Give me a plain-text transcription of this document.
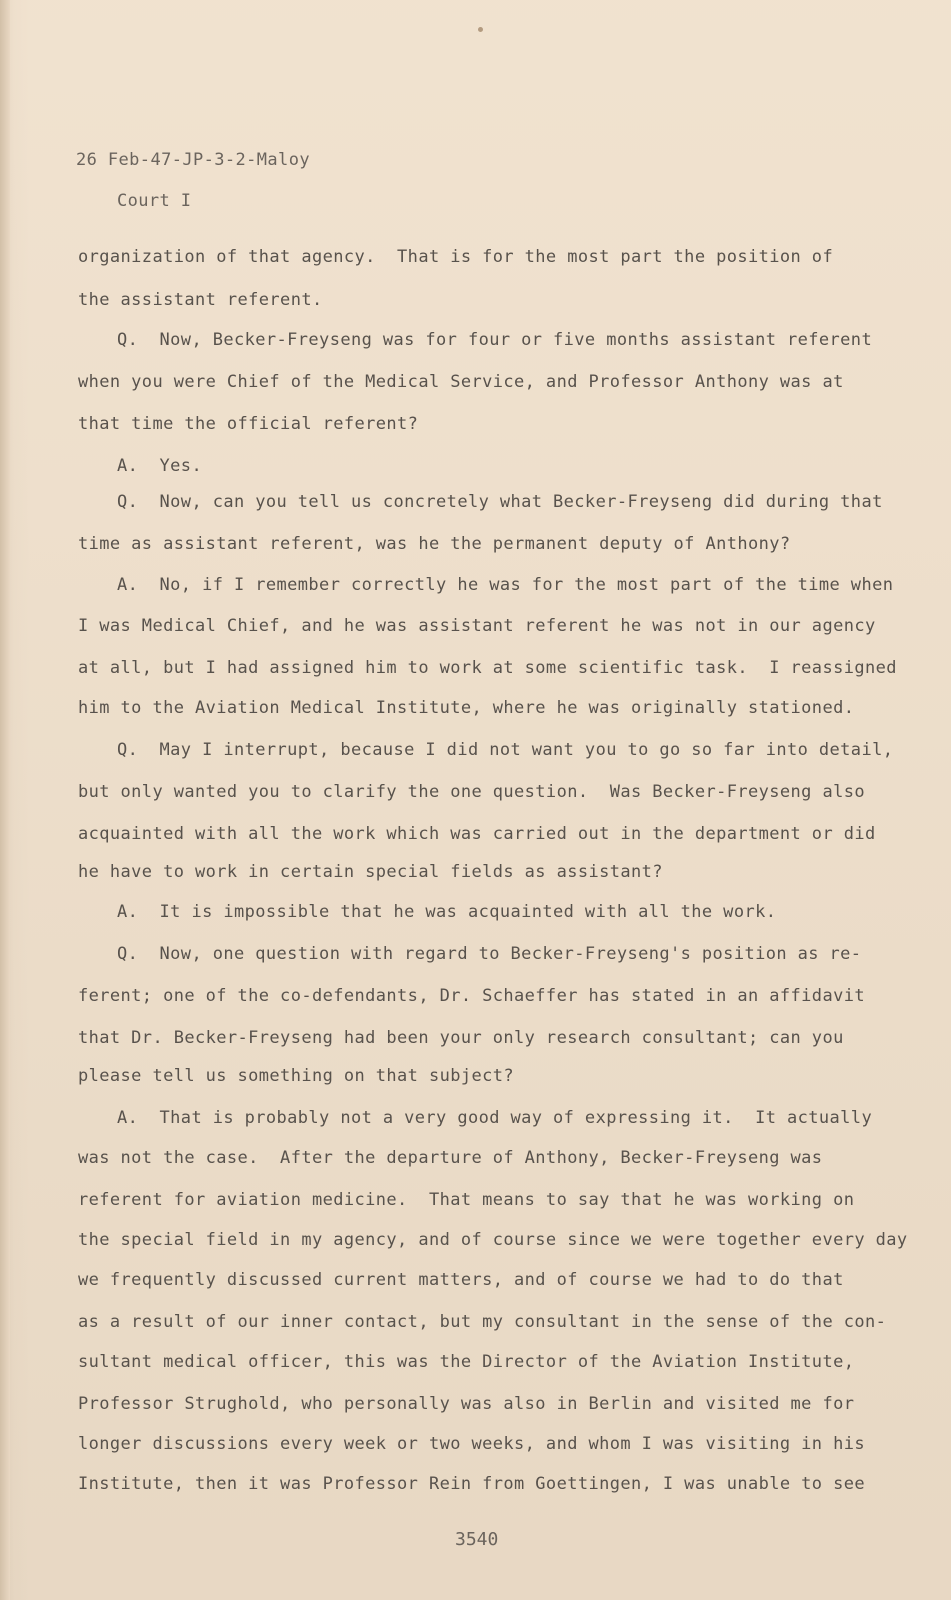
26 Feb-47-JP-3-2-Maloy
Court I
organization of that agency.  That is for the most part the position of
the assistant referent.
Q.  Now, Becker-Freyseng was for four or five months assistant referent
when you were Chief of the Medical Service, and Professor Anthony was at
that time the official referent?
A.  Yes.
Q.  Now, can you tell us concretely what Becker-Freyseng did during that
time as assistant referent, was he the permanent deputy of Anthony?
A.  No, if I remember correctly he was for the most part of the time when
I was Medical Chief, and he was assistant referent he was not in our agency
at all, but I had assigned him to work at some scientific task.  I reassigned
him to the Aviation Medical Institute, where he was originally stationed.
Q.  May I interrupt, because I did not want you to go so far into detail,
but only wanted you to clarify the one question.  Was Becker-Freyseng also
acquainted with all the work which was carried out in the department or did
he have to work in certain special fields as assistant?
A.  It is impossible that he was acquainted with all the work.
Q.  Now, one question with regard to Becker-Freyseng's position as re-
ferent; one of the co-defendants, Dr. Schaeffer has stated in an affidavit
that Dr. Becker-Freyseng had been your only research consultant; can you
please tell us something on that subject?
A.  That is probably not a very good way of expressing it.  It actually
was not the case.  After the departure of Anthony, Becker-Freyseng was
referent for aviation medicine.  That means to say that he was working on
the special field in my agency, and of course since we were together every day
we frequently discussed current matters, and of course we had to do that
as a result of our inner contact, but my consultant in the sense of the con-
sultant medical officer, this was the Director of the Aviation Institute,
Professor Strughold, who personally was also in Berlin and visited me for
longer discussions every week or two weeks, and whom I was visiting in his
Institute, then it was Professor Rein from Goettingen, I was unable to see
3540
